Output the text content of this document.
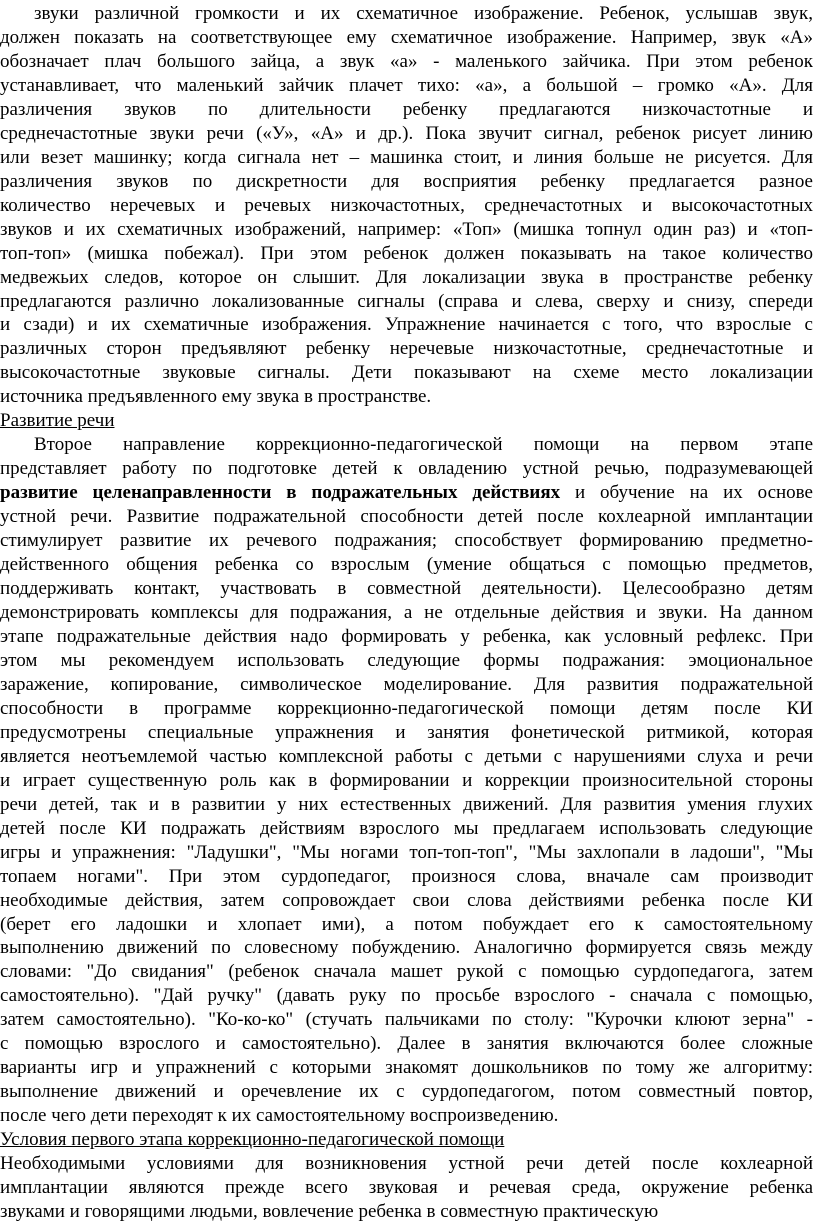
звуки различной громкости и их схематичное изображение. Ребенок, услышав звук,
должен показать на соответствующее ему схематичное изображение. Например, звук «А»
обозначает плач большого зайца, а звук «а» - маленького зайчика. При этом ребенок
устанавливает, что маленький зайчик плачет тихо: «а», а большой – громко «А». Для
различения звуков по длительности ребенку предлагаются низкочастотные и
среднечастотные звуки речи («У», «А» и др.). Пока звучит сигнал, ребенок рисует линию
или везет машинку; когда сигнала нет – машинка стоит, и линия больше не рисуется. Для
различения звуков по дискретности для восприятия ребенку предлагается разное
количество неречевых и речевых низкочастотных, среднечастотных и высокочастотных
звуков и их схематичных изображений, например: «Топ» (мишка топнул один раз) и «топ-
топ-топ» (мишка побежал). При этом ребенок должен показывать на такое количество
медвежьих следов, которое он слышит. Для локализации звука в пространстве ребенку
предлагаются различно локализованные сигналы (справа и слева, сверху и снизу, спереди
и сзади) и их схематичные изображения. Упражнение начинается с того, что взрослые с
различных сторон предъявляют ребенку неречевые низкочастотные, среднечастотные и
высокочастотные звуковые сигналы. Дети показывают на схеме место локализации
источника предъявленного ему звука в пространстве.
Развитие речи
Второе направление коррекционно-педагогической помощи на первом этапе
представляет работу по подготовке детей к овладению устной речью, подразумевающей
развитие целенаправленности в подражательных действиях и обучение на их основе
устной речи. Развитие подражательной способности детей после кохлеарной имплантации
стимулирует развитие их речевого подражания; способствует формированию предметно-
действенного общения ребенка со взрослым (умение общаться с помощью предметов,
поддерживать контакт, участвовать в совместной деятельности). Целесообразно детям
демонстрировать комплексы для подражания, а не отдельные действия и звуки. На данном
этапе подражательные действия надо формировать у ребенка, как условный рефлекс. При
этом мы рекомендуем использовать следующие формы подражания: эмоциональное
заражение, копирование, символическое моделирование. Для развития подражательной
способности в программе коррекционно-педагогической помощи детям после КИ
предусмотрены специальные упражнения и занятия фонетической ритмикой, которая
является неотъемлемой частью комплексной работы с детьми с нарушениями слуха и речи
и играет существенную роль как в формировании и коррекции произносительной стороны
речи детей, так и в развитии у них естественных движений. Для развития умения глухих
детей после КИ подражать действиям взрослого мы предлагаем использовать следующие
игры и упражнения: "Ладушки", "Мы ногами топ-топ-топ", "Мы захлопали в ладоши", "Мы
топаем ногами". При этом сурдопедагог, произнося слова, вначале сам производит
необходимые действия, затем сопровождает свои слова действиями ребенка после КИ
(берет его ладошки и хлопает ими), а потом побуждает его к самостоятельному
выполнению движений по словесному побуждению. Аналогично формируется связь между
словами: "До свидания" (ребенок сначала машет рукой с помощью сурдопедагога, затем
самостоятельно). "Дай ручку" (давать руку по просьбе взрослого - сначала с помощью,
затем самостоятельно). "Ко-ко-ко" (стучать пальчиками по столу: "Курочки клюют зерна" -
с помощью взрослого и самостоятельно). Далее в занятия включаются более сложные
варианты игр и упражнений с которыми знакомят дошкольников по тому же алгоритму:
выполнение движений и оречевление их с сурдопедагогом, потом совместный повтор,
после чего дети переходят к их самостоятельному воспроизведению.
Условия первого этапа коррекционно-педагогической помощи
Необходимыми условиями для возникновения устной речи детей после кохлеарной
имплантации являются прежде всего звуковая и речевая среда, окружение ребенка
звуками и говорящими людьми, вовлечение ребенка в совместную практическую
